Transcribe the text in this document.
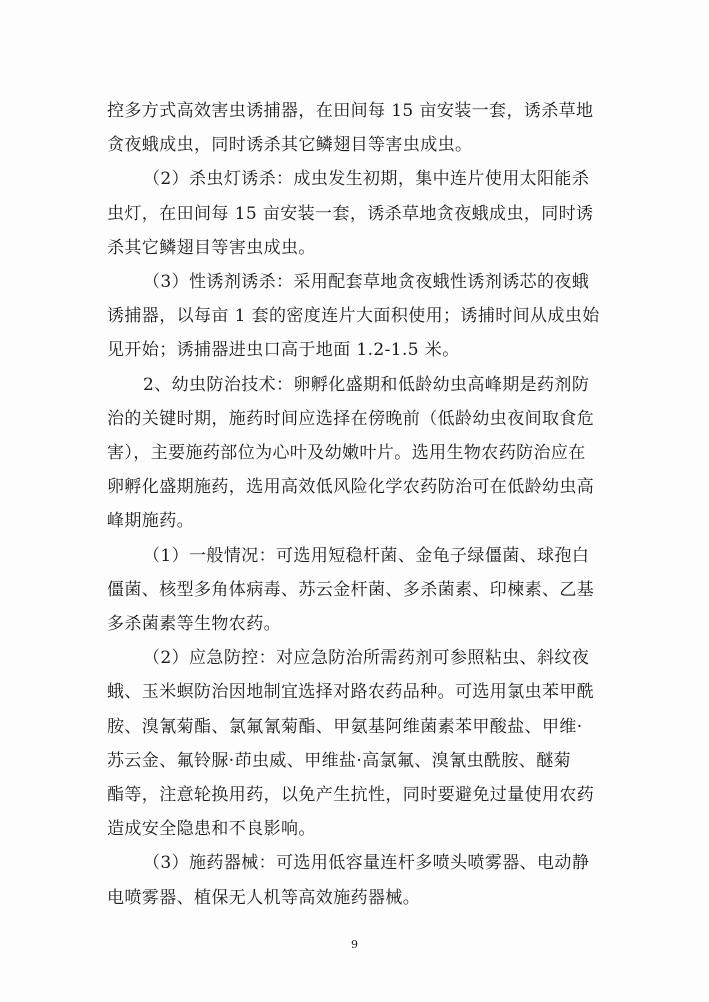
控多方式高效害虫诱捕器，在田间每 15 亩安装一套，诱杀草地
贪夜蛾成虫，同时诱杀其它鳞翅目等害虫成虫。
（2）杀虫灯诱杀：成虫发生初期，集中连片使用太阳能杀
虫灯，在田间每 15 亩安装一套，诱杀草地贪夜蛾成虫，同时诱
杀其它鳞翅目等害虫成虫。
（3）性诱剂诱杀：采用配套草地贪夜蛾性诱剂诱芯的夜蛾
诱捕器，以每亩 1 套的密度连片大面积使用；诱捕时间从成虫始
见开始；诱捕器进虫口高于地面 1.2-1.5 米。
2、幼虫防治技术：卵孵化盛期和低龄幼虫高峰期是药剂防
治的关键时期，施药时间应选择在傍晚前（低龄幼虫夜间取食危
害），主要施药部位为心叶及幼嫩叶片。选用生物农药防治应在
卵孵化盛期施药，选用高效低风险化学农药防治可在低龄幼虫高
峰期施药。
（1）一般情况：可选用短稳杆菌、金龟子绿僵菌、球孢白
僵菌、核型多角体病毒、苏云金杆菌、多杀菌素、印楝素、乙基
多杀菌素等生物农药。
（2）应急防控：对应急防治所需药剂可参照粘虫、斜纹夜
蛾、玉米螟防治因地制宜选择对路农药品种。可选用氯虫苯甲酰
胺、溴氰菊酯、氯氟氰菊酯、甲氨基阿维菌素苯甲酸盐、甲维·
苏云金、氟铃脲·茚虫威、甲维盐·高氯氟、溴氰虫酰胺、醚菊
酯等，注意轮换用药，以免产生抗性，同时要避免过量使用农药
造成安全隐患和不良影响。
（3）施药器械：可选用低容量连杆多喷头喷雾器、电动静
电喷雾器、植保无人机等高效施药器械。
9
